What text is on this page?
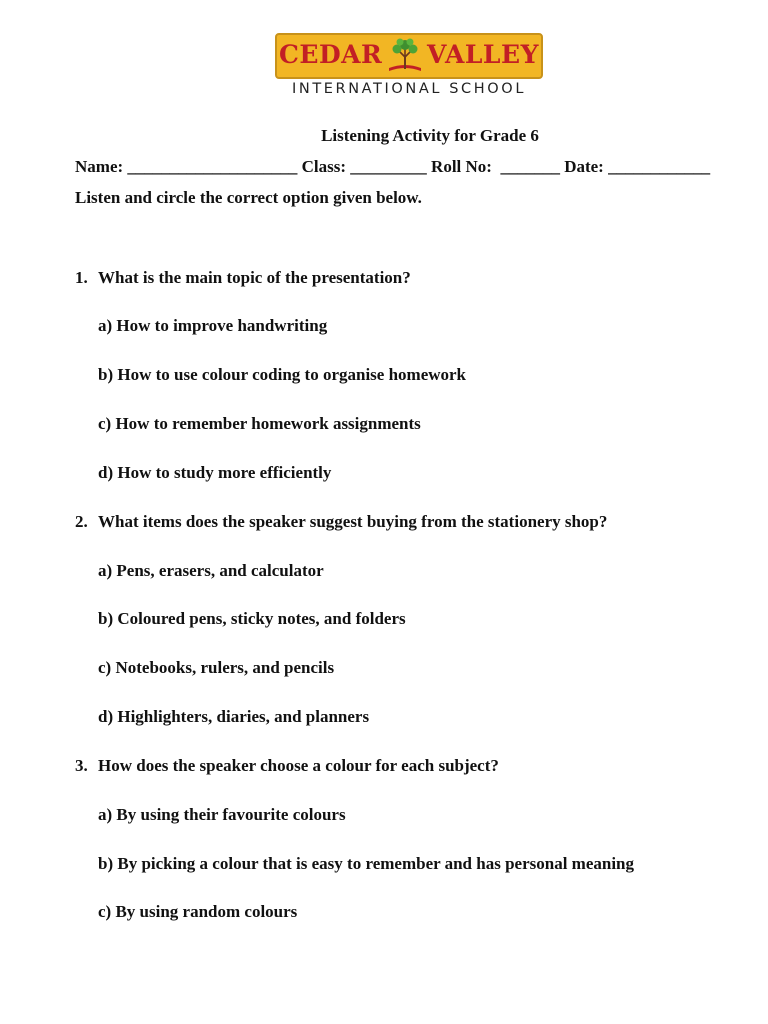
CEDAR VALLEY
INTERNATIONAL SCHOOL
Listening Activity for Grade 6
Name: ____________________ Class: _________ Roll No:  _______ Date: ____________
Listen and circle the correct option given below.
1. What is the main topic of the presentation?
a) How to improve handwriting
b) How to use colour coding to organise homework
c) How to remember homework assignments
d) How to study more efficiently
2. What items does the speaker suggest buying from the stationery shop?
a) Pens, erasers, and calculator
b) Coloured pens, sticky notes, and folders
c) Notebooks, rulers, and pencils
d) Highlighters, diaries, and planners
3. How does the speaker choose a colour for each subject?
a) By using their favourite colours
b) By picking a colour that is easy to remember and has personal meaning
c) By using random colours
